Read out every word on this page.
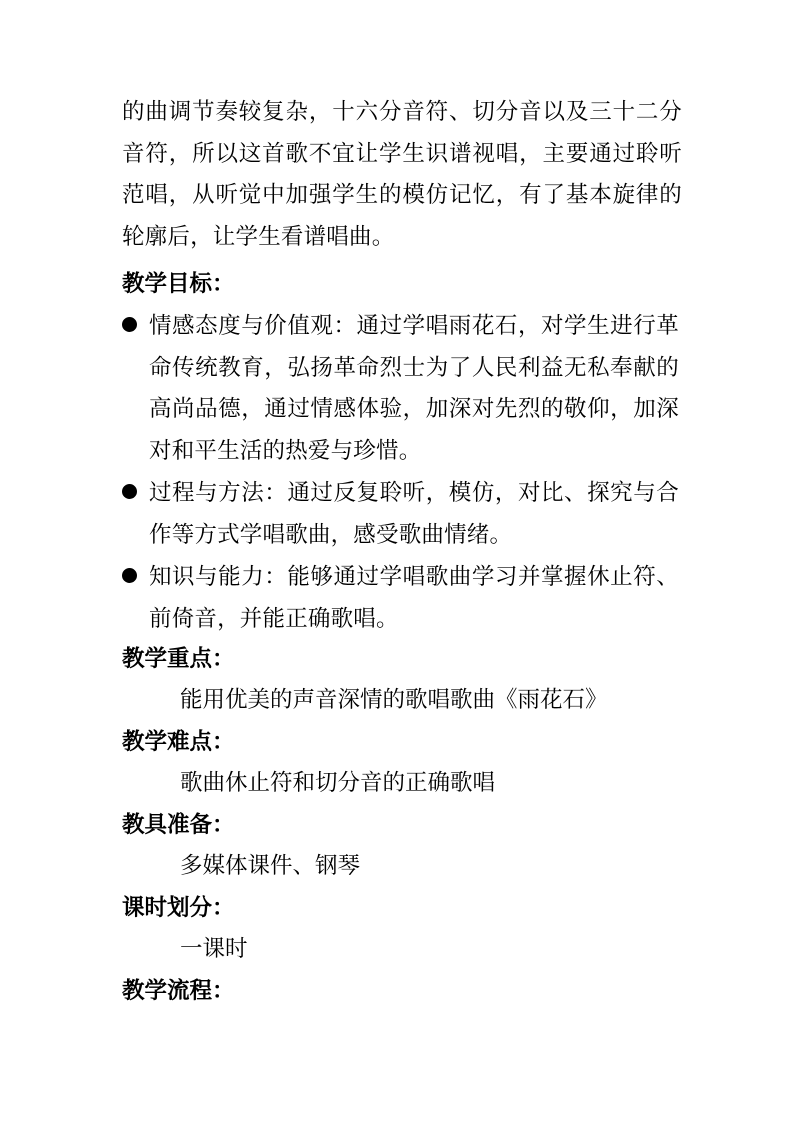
的曲调节奏较复杂，十六分音符、切分音以及三十二分音符，所以这首歌不宜让学生识谱视唱，主要通过聆听范唱，从听觉中加强学生的模仿记忆，有了基本旋律的轮廓后，让学生看谱唱曲。
教学目标：
情感态度与价值观：通过学唱雨花石，对学生进行革命传统教育，弘扬革命烈士为了人民利益无私奉献的高尚品德，通过情感体验，加深对先烈的敬仰，加深对和平生活的热爱与珍惜。
过程与方法：通过反复聆听，模仿，对比、探究与合作等方式学唱歌曲，感受歌曲情绪。
知识与能力：能够通过学唱歌曲学习并掌握休止符、前倚音，并能正确歌唱。
教学重点：
能用优美的声音深情的歌唱歌曲《雨花石》
教学难点：
歌曲休止符和切分音的正确歌唱
教具准备：
多媒体课件、钢琴
课时划分：
一课时
教学流程：
